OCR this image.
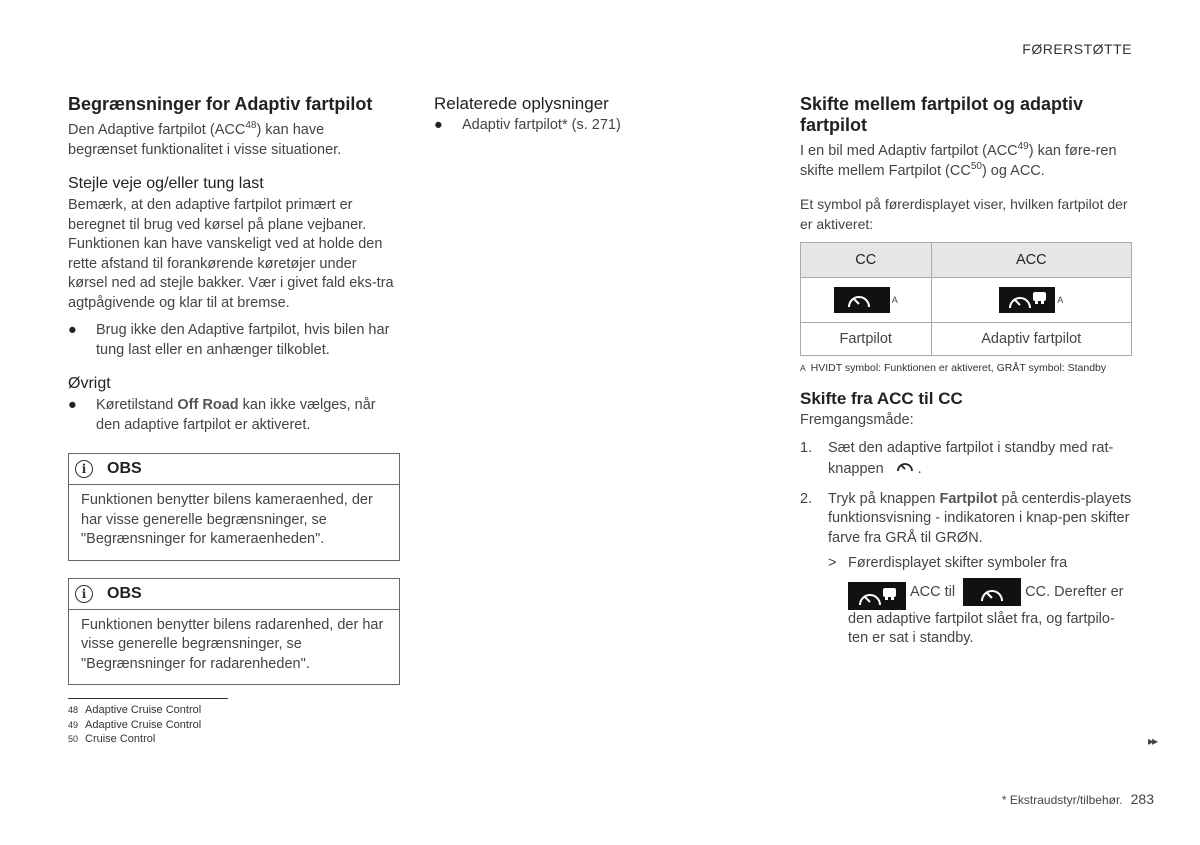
FØRERSTØTTE
Begrænsninger for Adaptiv fartpilot

Den Adaptive fartpilot (ACC$^{48}$) kan have
begrænset funktionalitet i visse situationer.

Stejle veje og/eller tung last

Bemærk, at den adaptive fartpilot primært er beregnet til brug ved kørsel på plane vejbaner. Funktionen kan have vanskeligt ved at holde den rette afstand til forankørende køretøjer under kørsel ned ad stejle bakker. Vær i givet fald eks-tra agtpågivende og klar til at bremse.

● Brug ikke den Adaptive fartpilot, hvis bilen har tung last eller en anhænger tilkoblet.
Øvrigt
● Køretilstand Off Road kan ikke vælges, når den adaptive fartpilot er aktiveret.
i	OBS

Funktionen benytter bilens kameraenhed, der har visse generelle begrænsninger, se "Begrænsninger for kameraenheden".

i	OBS

Funktionen benytter bilens radarenhed, der har visse generelle begrænsninger, se "Begrænsninger for radarenheden".

Relaterede oplysninger
● Adaptiv fartpilot* (s. 271)
Skifte mellem fartpilot og adaptiv fartpilot

I en bil med Adaptiv fartpilot (ACC$^{49}$) kan føre-ren skifte mellem Fartpilot (CC$^{50}$) og ACC.

Et symbol på førerdisplayet viser, hvilken fartpilot der er aktiveret:

CC	ACC

A	A
Fartpilot	Adaptiv fartpilot
A HVIDT symbol: Funktionen er aktiveret, GRÅT symbol: Standby
Skifte fra ACC til CC

Fremgangsmåde:

1. Sæt den adaptive fartpilot i standby med rat-knappen .
2. Tryk på knappen Fartpilot på centerdis-playets funktionsvisning - indikatoren i knap-pen skifter farve fra GRÅ til GRØN.
> Førerdisplayet skifter symboler fra
ACC til	CC. Derefter er den adaptive fartpilot slået fra, og fartpilo-ten er sat i standby.
48 Adaptive Cruise Control
49 Adaptive Cruise Control
50 Cruise Control	▸▸
* Ekstraudstyr/tilbehør. 283
